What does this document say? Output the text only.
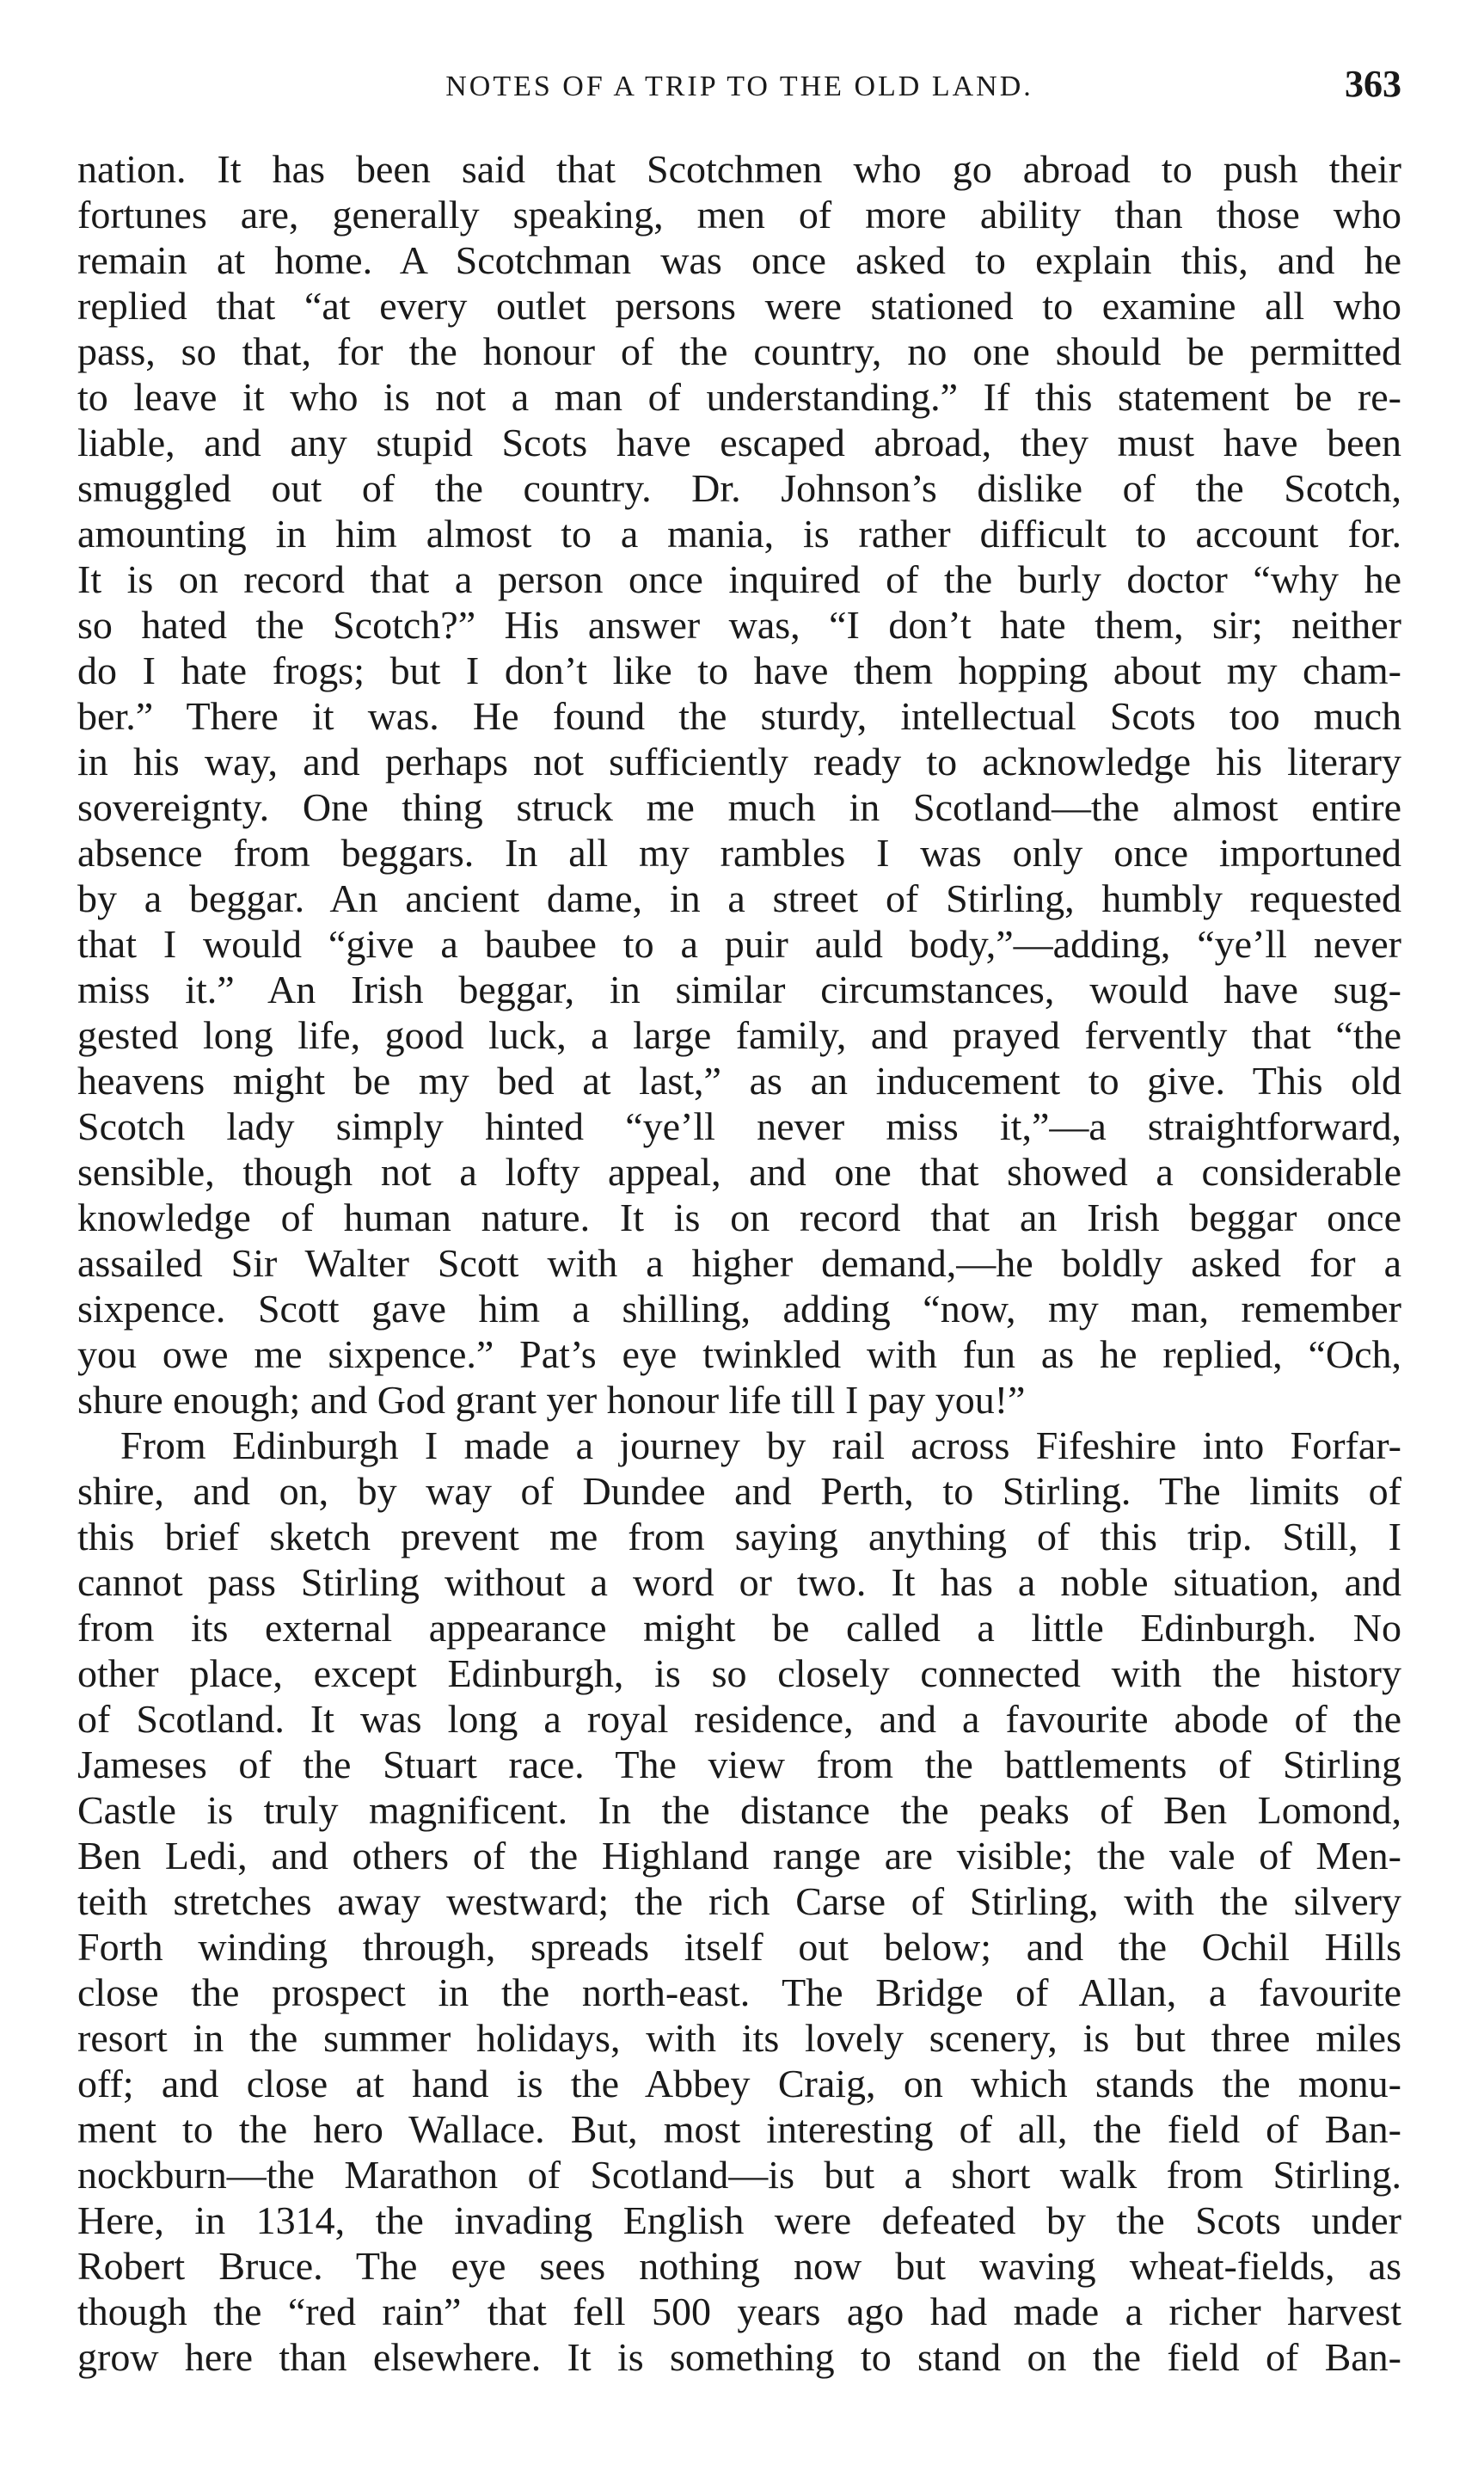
NOTES OF A TRIP TO THE OLD LAND.	363
nation. It has been said that Scotchmen who go abroad to push their
fortunes are, generally speaking, men of more ability than those who
remain at home. A Scotchman was once asked to explain this, and he
replied that “at every outlet persons were stationed to examine all who
pass, so that, for the honour of the country, no one should be permitted
to leave it who is not a man of understanding.” If this statement be re-
liable, and any stupid Scots have escaped abroad, they must have been
smuggled out of the country. Dr. Johnson’s dislike of the Scotch,
amounting in him almost to a mania, is rather difficult to account for.
It is on record that a person once inquired of the burly doctor “why he
so hated the Scotch?” His answer was, “I don’t hate them, sir; neither
do I hate frogs; but I don’t like to have them hopping about my cham-
ber.” There it was. He found the sturdy, intellectual Scots too much
in his way, and perhaps not sufficiently ready to acknowledge his literary
sovereignty. One thing struck me much in Scotland—the almost entire
absence from beggars. In all my rambles I was only once importuned
by a beggar. An ancient dame, in a street of Stirling, humbly requested
that I would “give a baubee to a puir auld body,”—adding, “ye’ll never
miss it.” An Irish beggar, in similar circumstances, would have sug-
gested long life, good luck, a large family, and prayed fervently that “the
heavens might be my bed at last,” as an inducement to give. This old
Scotch lady simply hinted “ye’ll never miss it,”—a straightforward,
sensible, though not a lofty appeal, and one that showed a considerable
knowledge of human nature. It is on record that an Irish beggar once
assailed Sir Walter Scott with a higher demand,—he boldly asked for a
sixpence. Scott gave him a shilling, adding “now, my man, remember
you owe me sixpence.” Pat’s eye twinkled with fun as he replied, “Och,
shure enough; and God grant yer honour life till I pay you!”
From Edinburgh I made a journey by rail across Fifeshire into Forfar-
shire, and on, by way of Dundee and Perth, to Stirling. The limits of
this brief sketch prevent me from saying anything of this trip. Still, I
cannot pass Stirling without a word or two. It has a noble situation, and
from its external appearance might be called a little Edinburgh. No
other place, except Edinburgh, is so closely connected with the history
of Scotland. It was long a royal residence, and a favourite abode of the
Jameses of the Stuart race. The view from the battlements of Stirling
Castle is truly magnificent. In the distance the peaks of Ben Lomond,
Ben Ledi, and others of the Highland range are visible; the vale of Men-
teith stretches away westward; the rich Carse of Stirling, with the silvery
Forth winding through, spreads itself out below; and the Ochil Hills
close the prospect in the north-east. The Bridge of Allan, a favourite
resort in the summer holidays, with its lovely scenery, is but three miles
off; and close at hand is the Abbey Craig, on which stands the monu-
ment to the hero Wallace. But, most interesting of all, the field of Ban-
nockburn—the Marathon of Scotland—is but a short walk from Stirling.
Here, in 1314, the invading English were defeated by the Scots under
Robert Bruce. The eye sees nothing now but waving wheat-fields, as
though the “red rain” that fell 500 years ago had made a richer harvest
grow here than elsewhere. It is something to stand on the field of Ban-
